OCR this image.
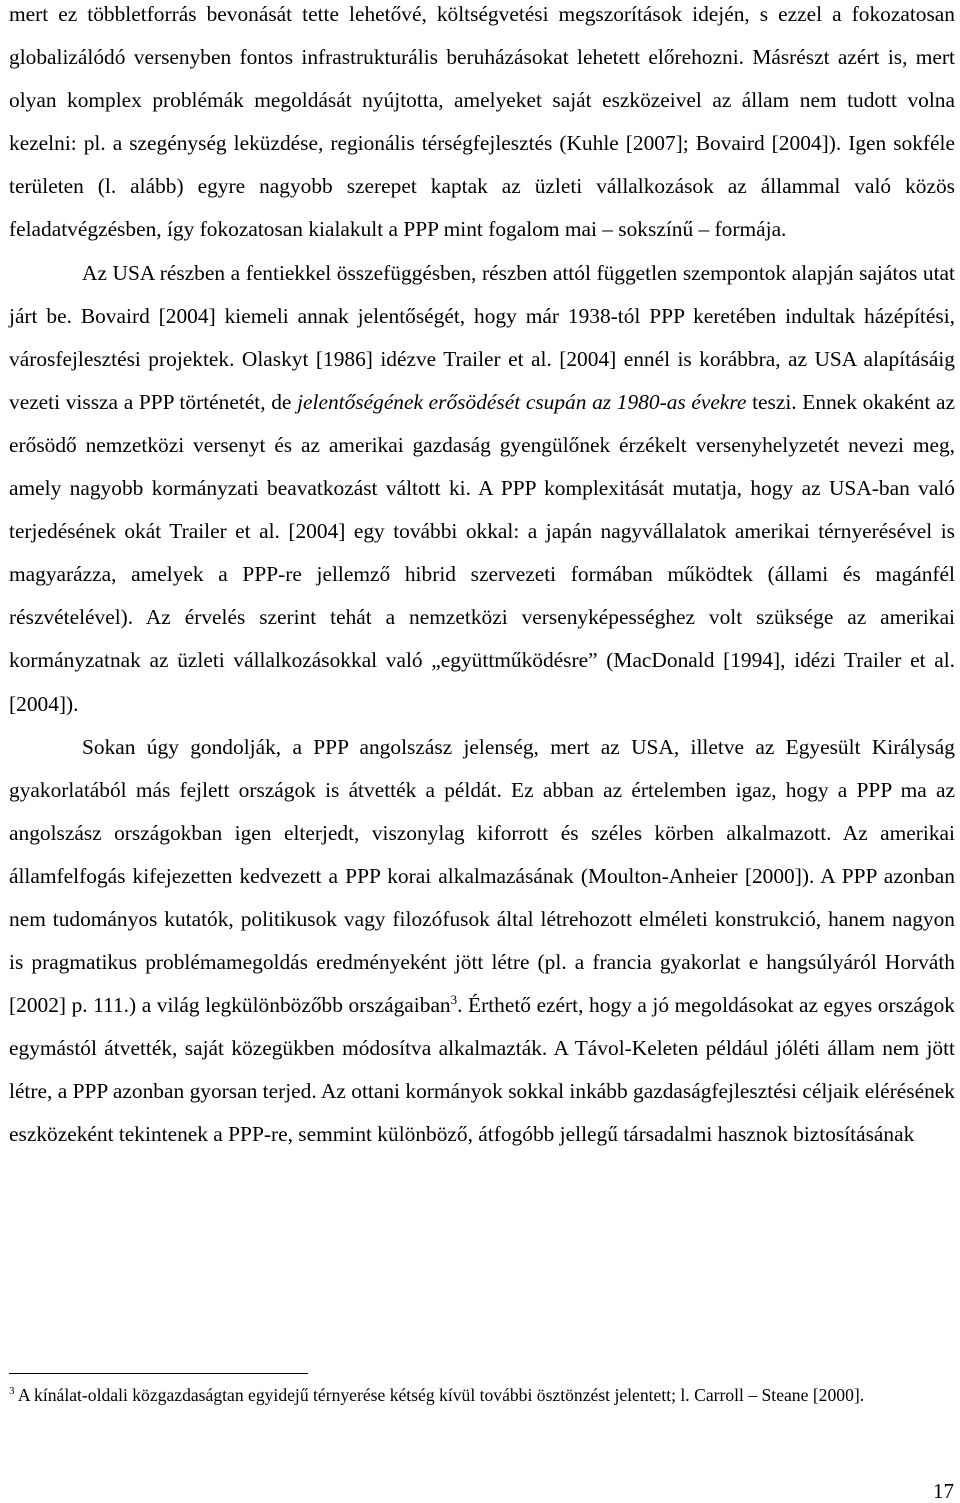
mert ez többletforrás bevonását tette lehetővé, költségvetési megszorítások idején, s ezzel a fokozatosan globalizálódó versenyben fontos infrastrukturális beruházásokat lehetett előrehozni. Másrészt azért is, mert olyan komplex problémák megoldását nyújtotta, amelyeket saját eszközeivel az állam nem tudott volna kezelni: pl. a szegénység leküzdése, regionális térségfejlesztés (Kuhle [2007]; Bovaird [2004]). Igen sokféle területen (l. alább) egyre nagyobb szerepet kaptak az üzleti vállalkozások az állammal való közös feladatvégzésben, így fokozatosan kialakult a PPP mint fogalom mai – sokszínű – formája.

Az USA részben a fentiekkel összefüggésben, részben attól független szempontok alapján sajátos utat járt be. Bovaird [2004] kiemeli annak jelentőségét, hogy már 1938-tól PPP keretében indultak házépítési, városfejlesztési projektek. Olaskyt [1986] idézve Trailer et al. [2004] ennél is korábbra, az USA alapításáig vezeti vissza a PPP történetét, de jelentőségének erősödését csupán az 1980-as évekre teszi. Ennek okaként az erősödő nemzetközi versenyt és az amerikai gazdaság gyengülőnek érzékelt versenyhelyzetét nevezi meg, amely nagyobb kormányzati beavatkozást váltott ki. A PPP komplexitását mutatja, hogy az USA-ban való terjedésének okát Trailer et al. [2004] egy további okkal: a japán nagyvállalatok amerikai térnyerésével is magyarázza, amelyek a PPP-re jellemző hibrid szervezeti formában működtek (állami és magánfél részvételével). Az érvelés szerint tehát a nemzetközi versenyképességhez volt szüksége az amerikai kormányzatnak az üzleti vállalkozásokkal való „együttműködésre” (MacDonald [1994], idézi Trailer et al. [2004]).

Sokan úgy gondolják, a PPP angolszász jelenség, mert az USA, illetve az Egyesült Királyság gyakorlatából más fejlett országok is átvették a példát. Ez abban az értelemben igaz, hogy a PPP ma az angolszász országokban igen elterjedt, viszonylag kiforrott és széles körben alkalmazott. Az amerikai államfelfogás kifejezetten kedvezett a PPP korai alkalmazásának (Moulton-Anheier [2000]). A PPP azonban nem tudományos kutatók, politikusok vagy filozófusok által létrehozott elméleti konstrukció, hanem nagyon is pragmatikus problémamegoldás eredményeként jött létre (pl. a francia gyakorlat e hangsúlyáról Horváth [2002] p. 111.) a világ legkülönbözőbb országaiban$^3$. Érthető ezért, hogy a jó megoldásokat az egyes országok egymástól átvették, saját közegükben módosítva alkalmazták. A Távol-Keleten például jóléti állam nem jött létre, a PPP azonban gyorsan terjed. Az ottani kormányok sokkal inkább gazdaságfejlesztési céljaik elérésének eszközeként tekintenek a PPP-re, semmint különböző, átfogóbb jellegű társadalmi hasznok biztosításának

$^3$ A kínálat-oldali közgazdaságtan egyidejű térnyerése kétség kívül további ösztönzést jelentett; l. Carroll – Steane [2000].
17
